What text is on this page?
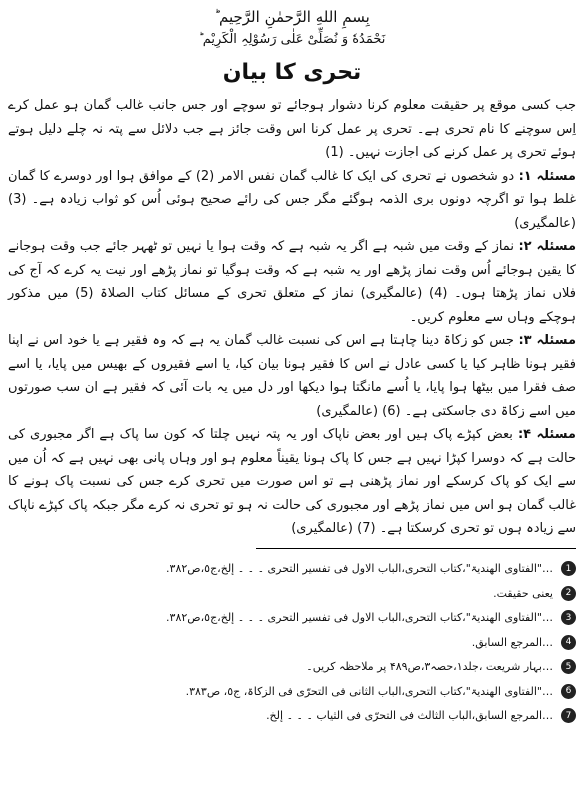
بِسمِ اللهِ الرَّحمٰنِ الرَّحِیم ؕ
نَحْمَدُهٗ وَ نُصَلِّیْ عَلٰی رَسُوْلِہِ الْکَرِیْم ؕ
تحری کا بیان

جب کسی موقع پر حقیقت معلوم کرنا دشوار ہوجائے تو سوچے اور جس جانب غالب گمان ہو عمل کرے اِس سوچنے کا نام تحری ہے۔ تحری پر عمل کرنا اس وقت جائز ہے جب دلائل سے پتہ نہ چلے دلیل ہوتے ہوئے تحری پر عمل کرنے کی اجازت نہیں۔ (1)

مسئلہ ۱: دو شخصوں نے تحری کی ایک کا غالب گمان نفس الامر (2) کے موافق ہوا اور دوسرے کا گمان غلط ہوا تو اگرچہ دونوں بری الذمہ ہوگئے مگر جس کی رائے صحیح ہوئی اُس کو ثواب زیادہ ہے۔ (3) (عالمگیری)

مسئلہ ۲: نماز کے وقت میں شبہ ہے اگر یہ شبہ ہے کہ وقت ہوا یا نہیں تو ٹھہر جائے جب وقت ہوجانے کا یقین ہوجائے اُس وقت نماز پڑھے اور یہ شبہ ہے کہ وقت ہوگیا تو نماز پڑھے اور نیت یہ کرے کہ آج کی فلاں نماز پڑھتا ہوں۔ (4) (عالمگیری) نماز کے متعلق تحری کے مسائل کتاب الصلاۃ (5) میں مذکور ہوچکے وہاں سے معلوم کریں۔

مسئلہ ۳: جس کو زکاۃ دینا چاہتا ہے اس کی نسبت غالب گمان یہ ہے کہ وہ فقیر ہے یا خود اس نے اپنا فقیر ہونا ظاہر کیا یا کسی عادل نے اس کا فقیر ہونا بیان کیا، یا اسے فقیروں کے بھیس میں پایا، یا اسے صف فقرا میں بیٹھا ہوا پایا، یا اُسے مانگتا ہوا دیکھا اور دل میں یہ بات آئی کہ فقیر ہے ان سب صورتوں میں اسے زکاۃ دی جاسکتی ہے۔ (6) (عالمگیری)

مسئلہ ۴: بعض کپڑے پاک ہیں اور بعض ناپاک اور یہ پتہ نہیں چلتا کہ کون سا پاک ہے اگر مجبوری کی حالت ہے کہ دوسرا کپڑا نہیں ہے جس کا پاک ہونا یقیناً معلوم ہو اور وہاں پانی بھی نہیں ہے کہ اُن میں سے ایک کو پاک کرسکے اور نماز پڑھنی ہے تو اس صورت میں تحری کرے جس کی نسبت پاک ہونے کا غالب گمان ہو اس میں نماز پڑھے اور مجبوری کی حالت نہ ہو تو تحری نہ کرے مگر جبکہ پاک کپڑے ناپاک سے زیادہ ہوں تو تحری کرسکتا ہے۔ (7) (عالمگیری)

1
…"الفتاوی الھندیۃ"،کتاب التحری،الباب الاول فی تفسیر التحری ۔ ۔ ۔ إلخ،ج٥،ص٣٨٢.
2
یعنی حقیقت.
3
…"الفتاوی الھندیۃ"،کتاب التحری،الباب الاول فی تفسیر التحری ۔ ۔ ۔ إلخ،ج٥،ص٣٨٢.
4
…المرجع السابق.
5
…بہار شریعت ،جلد۱،حصہ۳،ص۴۸۹ پر ملاحظہ کریں۔
6
…"الفتاوی الھندیۃ"،کتاب التحری،الباب الثانی فی التحرّی فی الزکاۃ، ج٥، ص٣٨٣.
7
…المرجع السابق،الباب الثالث فی التحرّی فی الثیاب ۔ ۔ ۔ إلخ.
